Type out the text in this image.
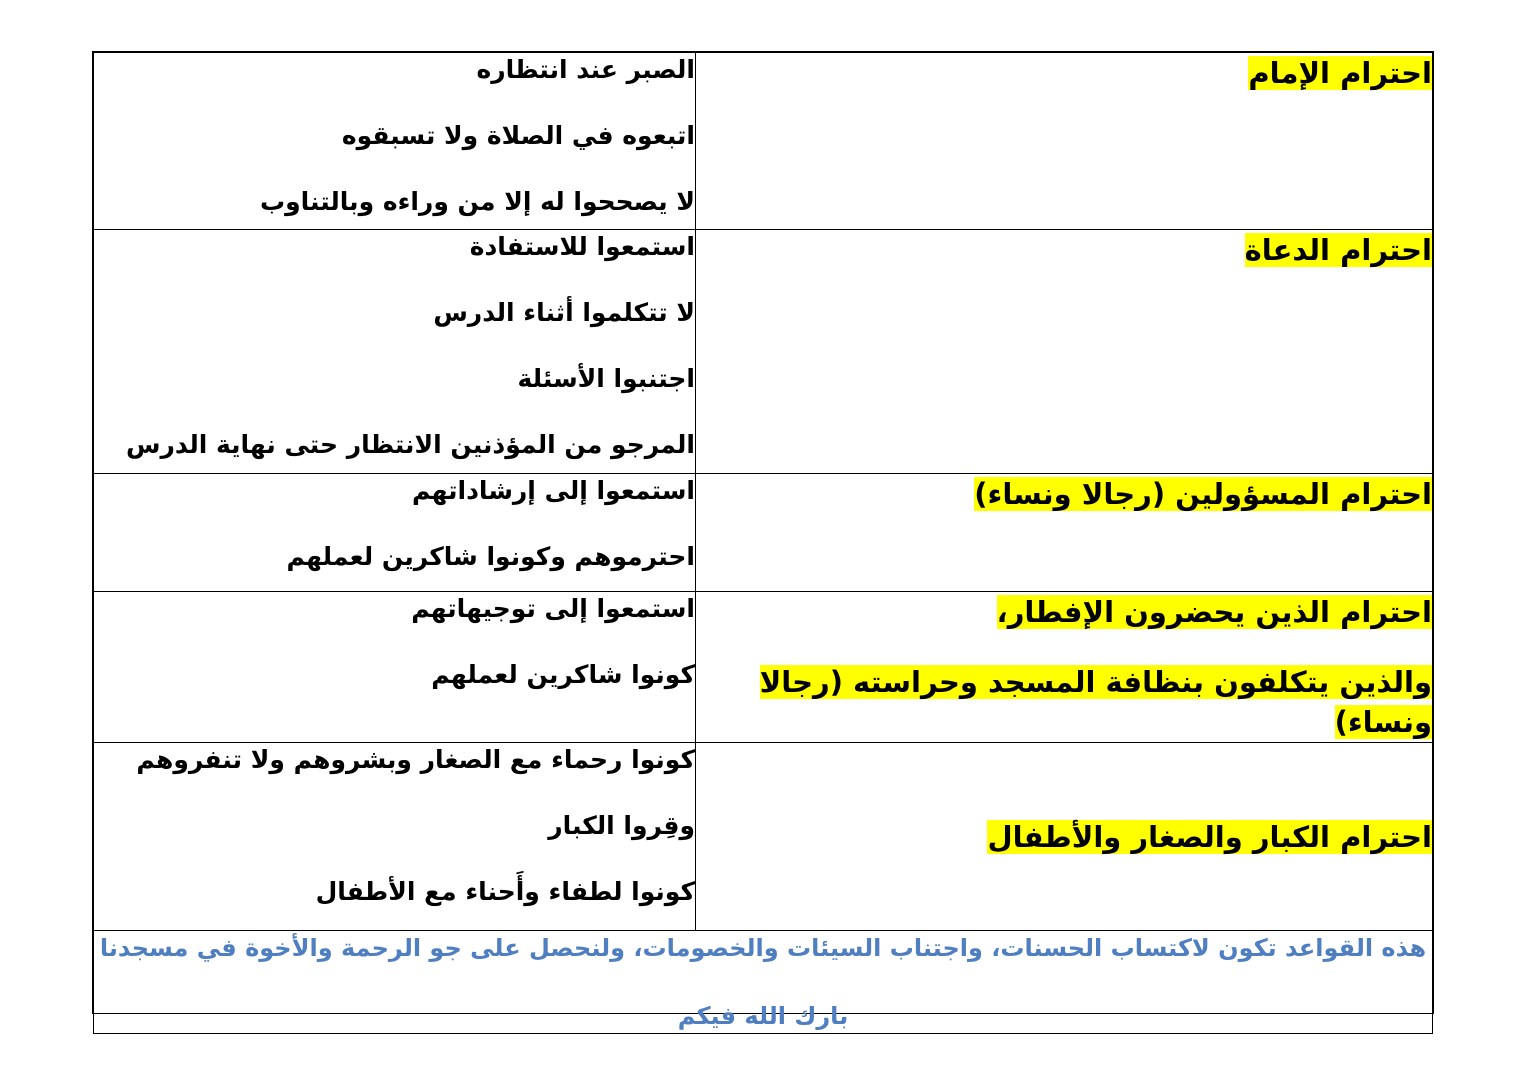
احترام الإمام	الصبر عند انتظاره
اتبعوه في الصلاة ولا تسبقوه
لا يصححوا له إلا من وراءه وبالتناوب

احترام الدعاة	استمعوا للاستفادة
لا تتكلموا أثناء الدرس
اجتنبوا الأسئلة
المرجو من المؤذنين الانتظار حتى نهاية الدرس

احترام المسؤولين (رجالا ونساء)	استمعوا إلى إرشاداتهم
احترموهم وكونوا شاكرين لعملهم

احترام الذين يحضرون الإفطار،
والذين يتكلفون بنظافة المسجد وحراسته (رجالا ونساء)	استمعوا إلى توجيهاتهم
كونوا شاكرين لعملهم

احترام الكبار والصغار والأطفال	كونوا رحماء مع الصغار وبشروهم ولا تنفروهم
وقِروا الكبار
كونوا لطفاء وأَحناء مع الأطفال

هذه القواعد تكون لاكتساب الحسنات، واجتناب السيئات والخصومات، ولنحصل على جو الرحمة والأخوة في مسجدنا
بارك الله فيكم	
